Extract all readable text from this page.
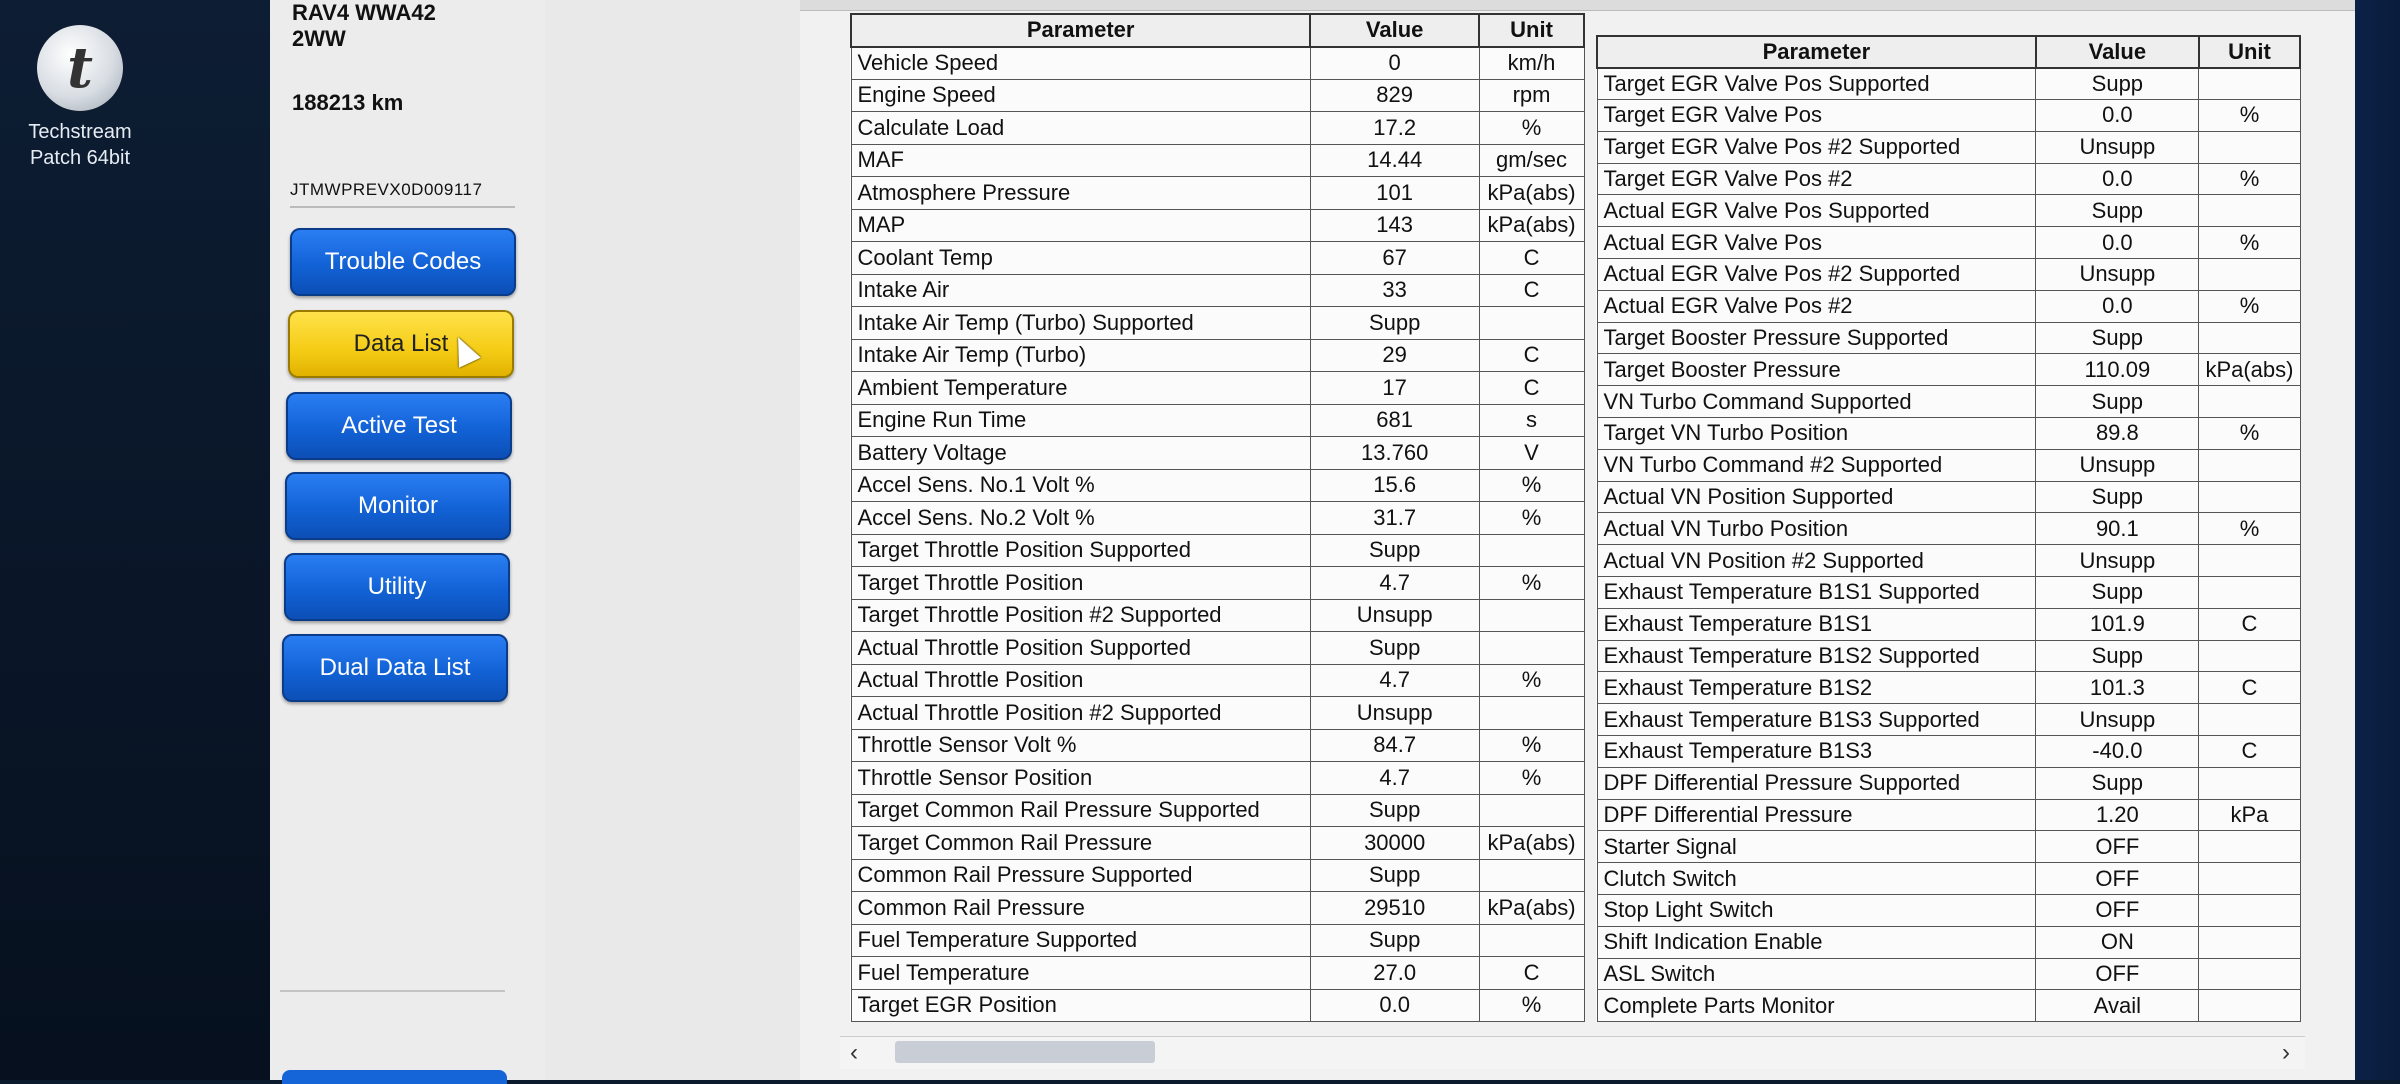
t
Techstream
Patch 64bit
RAV4 WWA42
2WW
188213 km
JTMWPREVX0D009117
Trouble Codes
Data List
Active Test
Monitor
Utility
Dual Data List
Parameter	Value	Unit
Vehicle Speed	0	km/h
Engine Speed	829	rpm
Calculate Load	17.2	%
MAF	14.44	gm/sec
Atmosphere Pressure	101	kPa(abs)
MAP	143	kPa(abs)
Coolant Temp	67	C
Intake Air	33	C
Intake Air Temp (Turbo) Supported	Supp	
Intake Air Temp (Turbo)	29	C
Ambient Temperature	17	C
Engine Run Time	681	s
Battery Voltage	13.760	V
Accel Sens. No.1 Volt %	15.6	%
Accel Sens. No.2 Volt %	31.7	%
Target Throttle Position Supported	Supp	
Target Throttle Position	4.7	%
Target Throttle Position #2 Supported	Unsupp	
Actual Throttle Position Supported	Supp	
Actual Throttle Position	4.7	%
Actual Throttle Position #2 Supported	Unsupp	
Throttle Sensor Volt %	84.7	%
Throttle Sensor Position	4.7	%
Target Common Rail Pressure Supported	Supp	
Target Common Rail Pressure	30000	kPa(abs)
Common Rail Pressure Supported	Supp	
Common Rail Pressure	29510	kPa(abs)
Fuel Temperature Supported	Supp	
Fuel Temperature	27.0	C
Target EGR Position	0.0	%
Parameter	Value	Unit
Target EGR Valve Pos Supported	Supp	
Target EGR Valve Pos	0.0	%
Target EGR Valve Pos #2 Supported	Unsupp	
Target EGR Valve Pos #2	0.0	%
Actual EGR Valve Pos Supported	Supp	
Actual EGR Valve Pos	0.0	%
Actual EGR Valve Pos #2 Supported	Unsupp	
Actual EGR Valve Pos #2	0.0	%
Target Booster Pressure Supported	Supp	
Target Booster Pressure	110.09	kPa(abs)
VN Turbo Command Supported	Supp	
Target VN Turbo Position	89.8	%
VN Turbo Command #2 Supported	Unsupp	
Actual VN Position Supported	Supp	
Actual VN Turbo Position	90.1	%
Actual VN Position #2 Supported	Unsupp	
Exhaust Temperature B1S1 Supported	Supp	
Exhaust Temperature B1S1	101.9	C
Exhaust Temperature B1S2 Supported	Supp	
Exhaust Temperature B1S2	101.3	C
Exhaust Temperature B1S3 Supported	Unsupp	
Exhaust Temperature B1S3	-40.0	C
DPF Differential Pressure Supported	Supp	
DPF Differential Pressure	1.20	kPa
Starter Signal	OFF	
Clutch Switch	OFF	
Stop Light Switch	OFF	
Shift Indication Enable	ON	
ASL Switch	OFF	
Complete Parts Monitor	Avail	
‹	›
